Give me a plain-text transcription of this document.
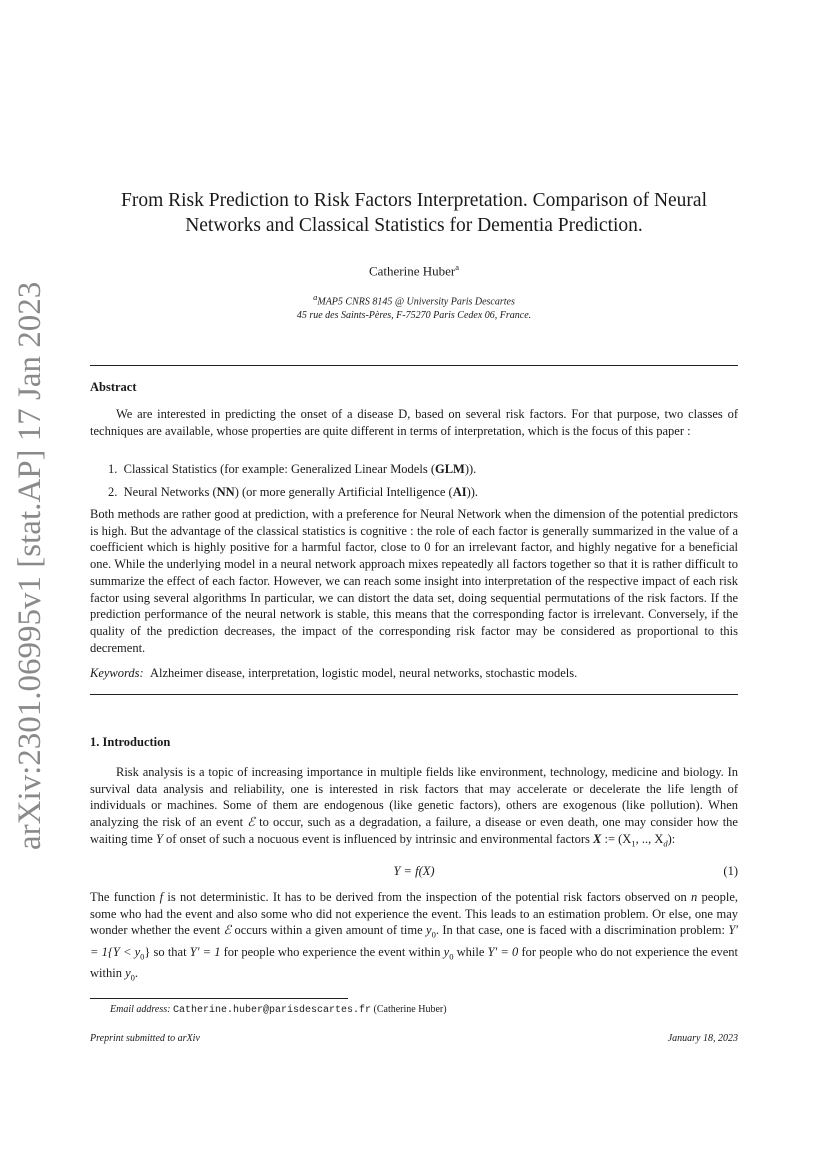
arXiv:2301.06995v1 [stat.AP] 17 Jan 2023
From Risk Prediction to Risk Factors Interpretation. Comparison of Neural Networks and Classical Statistics for Dementia Prediction.
Catherine Huber$^a$
$^a$MAP5 CNRS 8145 @ University Paris Descartes
45 rue des Saints-Pères, F-75270 Paris Cedex 06, France.
Abstract

We are interested in predicting the onset of a disease D, based on several risk factors. For that purpose, two classes of techniques are available, whose properties are quite different in terms of interpretation, which is the focus of this paper :

1. Classical Statistics (for example: Generalized Linear Models (GLM)).
2. Neural Networks (NN) (or more generally Artificial Intelligence (AI)).

Both methods are rather good at prediction, with a preference for Neural Network when the dimension of the potential predictors is high. But the advantage of the classical statistics is cognitive : the role of each factor is generally summarized in the value of a coefficient which is highly positive for a harmful factor, close to 0 for an irrelevant factor, and highly negative for a beneficial one. While the underlying model in a neural network approach mixes repeatedly all factors together so that it is rather difficult to summarize the effect of each factor. However, we can reach some insight into interpretation of the respective impact of each risk factor using several algorithms In particular, we can distort the data set, doing sequential permutations of the risk factors. If the prediction performance of the neural network is stable, this means that the corresponding factor is irrelevant. Conversely, if the quality of the prediction decreases, the impact of the corresponding risk factor may be considered as proportional to this decrement.

Keywords: Alzheimer disease, interpretation, logistic model, neural networks, stochastic models.
1. Introduction

Risk analysis is a topic of increasing importance in multiple fields like environment, technology, medicine and biology. In survival data analysis and reliability, one is interested in risk factors that may accelerate or decelerate the life length of individuals or machines. Some of them are endogenous (like genetic factors), others are exogenous (like pollution). When analyzing the risk of an event ℰ to occur, such as a degradation, a failure, a disease or even death, one may consider how the waiting time Y of onset of such a nocuous event is influenced by intrinsic and environmental factors X := ($X_1$, .., $X_d$):

Y = f(X)	(1)

The function f is not deterministic. It has to be derived from the inspection of the potential risk factors observed on n people, some who had the event and also some who did not experience the event. This leads to an estimation problem. Or else, one may wonder whether the event ℰ occurs within a given amount of time $y_0$. In that case, one is faced with a discrimination problem: $Y' = 1\{Y < y_0\}$ so that Y′ = 1 for people who experience the event within $y_0$ while Y′ = 0 for people who do not experience the event within $y_0$.

Email address: Catherine.huber@parisdescartes.fr (Catherine Huber)
Preprint submitted to arXiv	January 18, 2023
